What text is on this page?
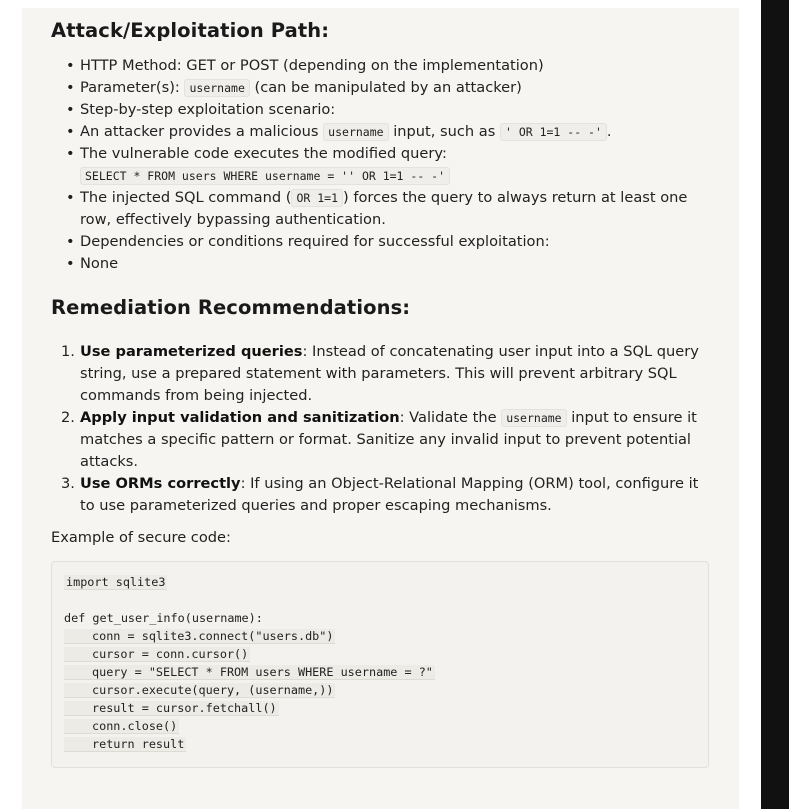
Attack/Exploitation Path:
• HTTP Method: GET or POST (depending on the implementation)
• Parameter(s): username (can be manipulated by an attacker)
• Step-by-step exploitation scenario:
• An attacker provides a malicious username input, such as ' OR 1=1 -- -' .
• The vulnerable code executes the modified query:
SELECT * FROM users WHERE username = '' OR 1=1 -- -'
• The injected SQL command ( OR 1=1 ) forces the query to always return at least one
row, effectively bypassing authentication.
• Dependencies or conditions required for successful exploitation:
• None
Remediation Recommendations:
1. Use parameterized queries: Instead of concatenating user input into a SQL query
string, use a prepared statement with parameters. This will prevent arbitrary SQL
commands from being injected.
2. Apply input validation and sanitization: Validate the username input to ensure it
matches a specific pattern or format. Sanitize any invalid input to prevent potential
attacks.
3. Use ORMs correctly: If using an Object-Relational Mapping (ORM) tool, configure it
to use parameterized queries and proper escaping mechanisms.
Example of secure code:
import sqlite3
def get_user_info(username):
conn = sqlite3.connect("users.db")
cursor = conn.cursor()
query = "SELECT * FROM users WHERE username = ?"
cursor.execute(query, (username,))
result = cursor.fetchall()
conn.close()
return result
